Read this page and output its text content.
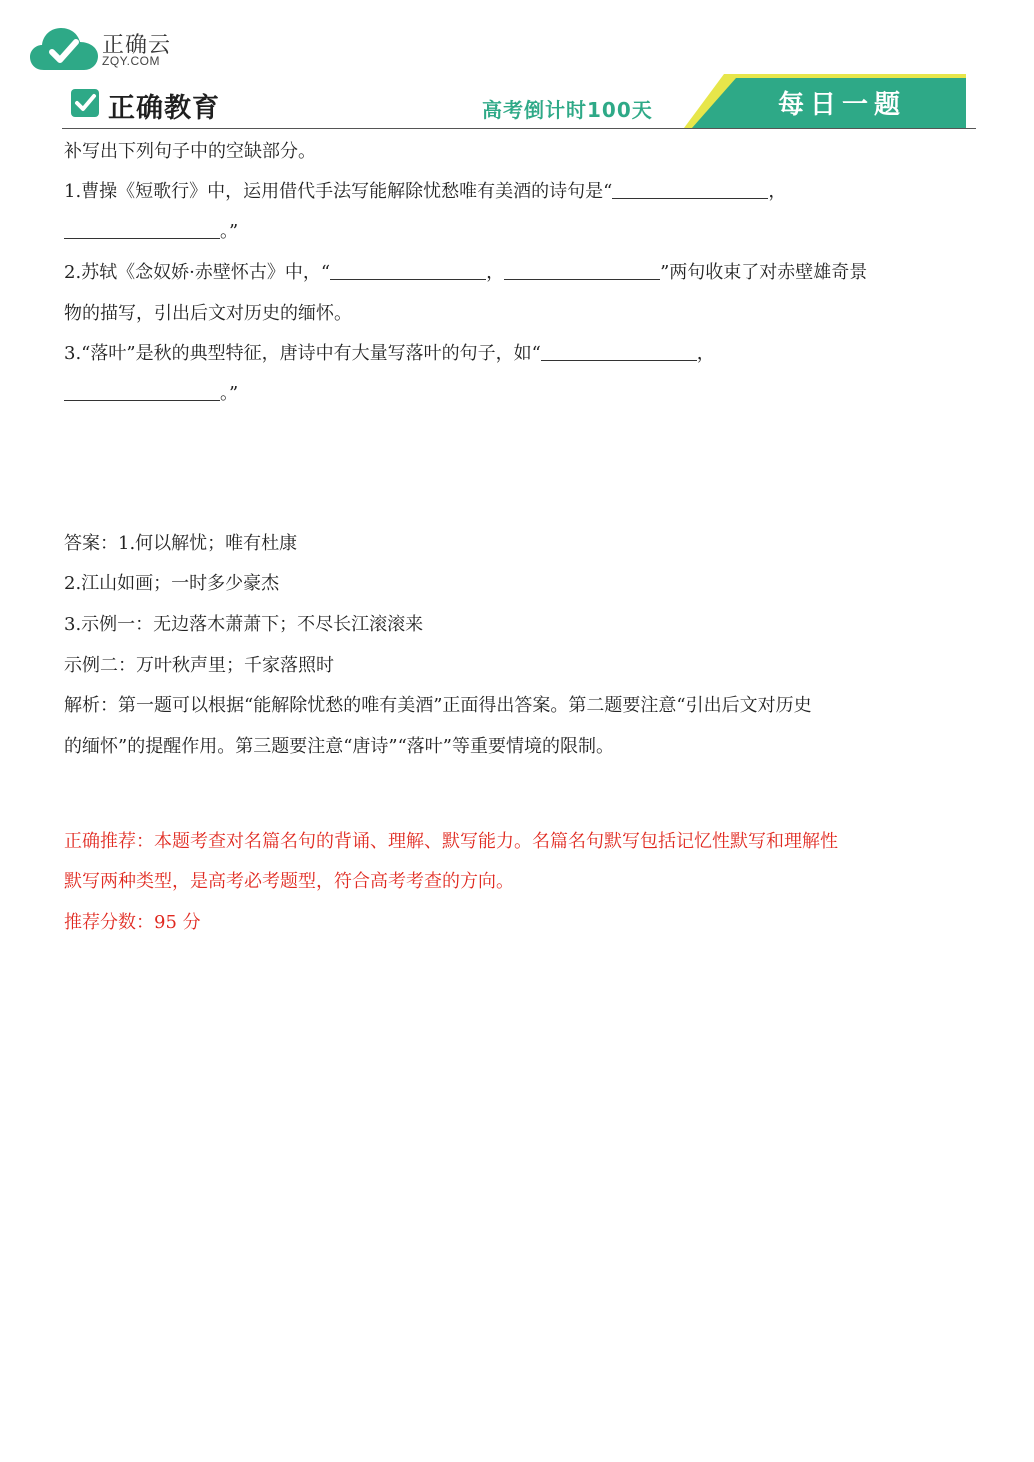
正确云
ZQY.COM
正确教育	高考倒计时100天	每日一题
补写出下列句子中的空缺部分。
1.曹操《短歌行》中，运用借代手法写能解除忧愁唯有美酒的诗句是“	，
。”
2.苏轼《念奴娇·赤壁怀古》中，“	，	”两句收束了对赤壁雄奇景
物的描写，引出后文对历史的缅怀。
3.“落叶”是秋的典型特征，唐诗中有大量写落叶的句子，如“	，
。”
答案：1.何以解忧；唯有杜康
2.江山如画；一时多少豪杰
3.示例一：无边落木萧萧下；不尽长江滚滚来
示例二：万叶秋声里；千家落照时
解析：第一题可以根据“能解除忧愁的唯有美酒”正面得出答案。第二题要注意“引出后文对历史
的缅怀”的提醒作用。第三题要注意“唐诗”“落叶”等重要情境的限制。
正确推荐：本题考查对名篇名句的背诵、理解、默写能力。名篇名句默写包括记忆性默写和理解性
默写两种类型，是高考必考题型，符合高考考查的方向。
推荐分数：95 分
